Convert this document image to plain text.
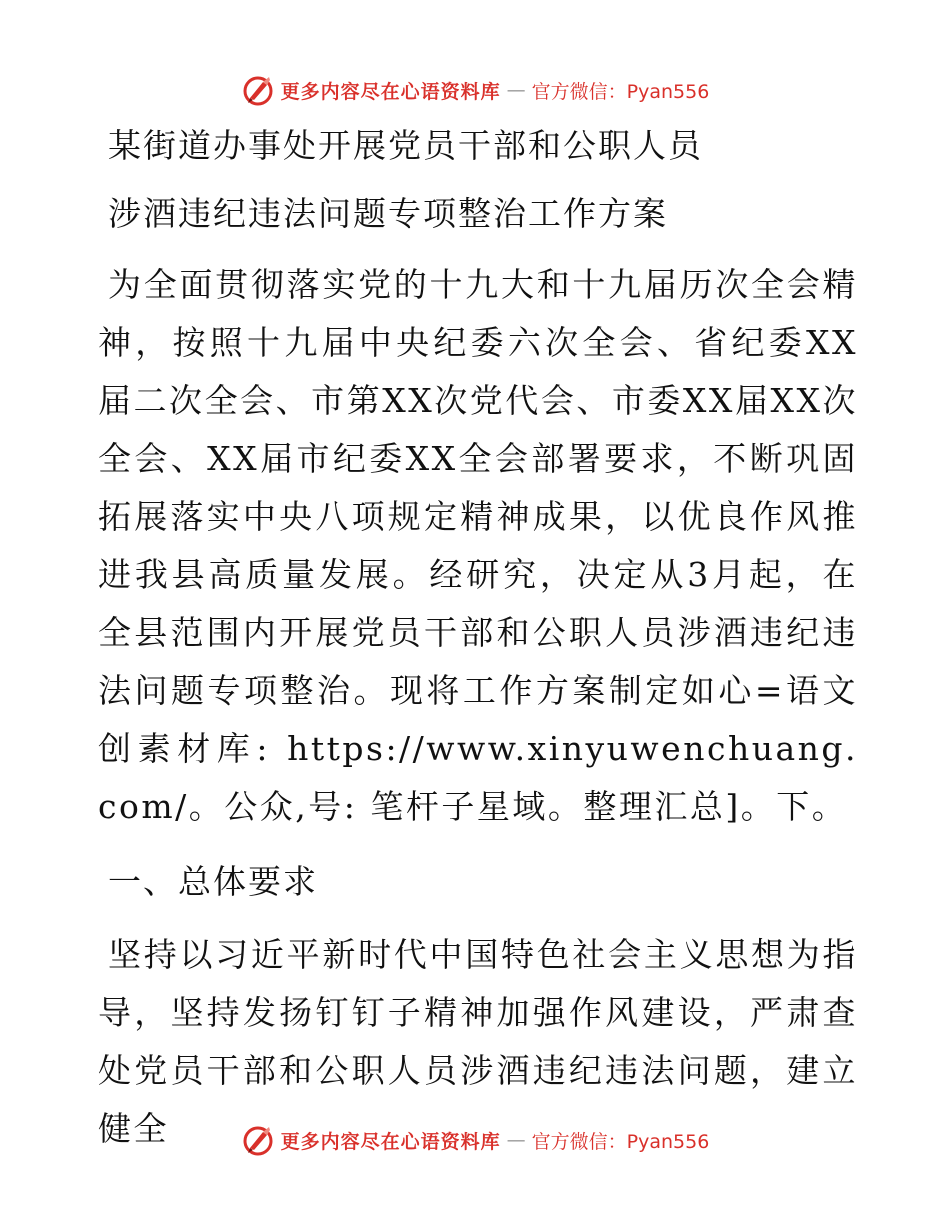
更多内容尽在心语资料库 — 官方微信：Pyan556
某街道办事处开展党员干部和公职人员
涉酒违纪违法问题专项整治工作方案
为全面贯彻落实党的十九大和十九届历次全会精神，按照十九届中央纪委六次全会、省纪委XX届二次全会、市第XX次党代会、市委XX届XX次全会、XX届市纪委XX全会部署要求，不断巩固拓展落实中央八项规定精神成果，以优良作风推进我县高质量发展。经研究，决定从3月起，在全县范围内开展党员干部和公职人员涉酒违纪违法问题专项整治。现将工作方案制定如心=语文创素材库: https://www.xinyuwenchuang.com/。公众,号: 笔杆子星域。整理汇总]。下。
一、总体要求
坚持以习近平新时代中国特色社会主义思想为指导，坚持发扬钉钉子精神加强作风建设，严肃查处党员干部和公职人员涉酒违纪违法问题，建立健全	更多内容尽在心语资料库 — 官方微信：Pyan556
